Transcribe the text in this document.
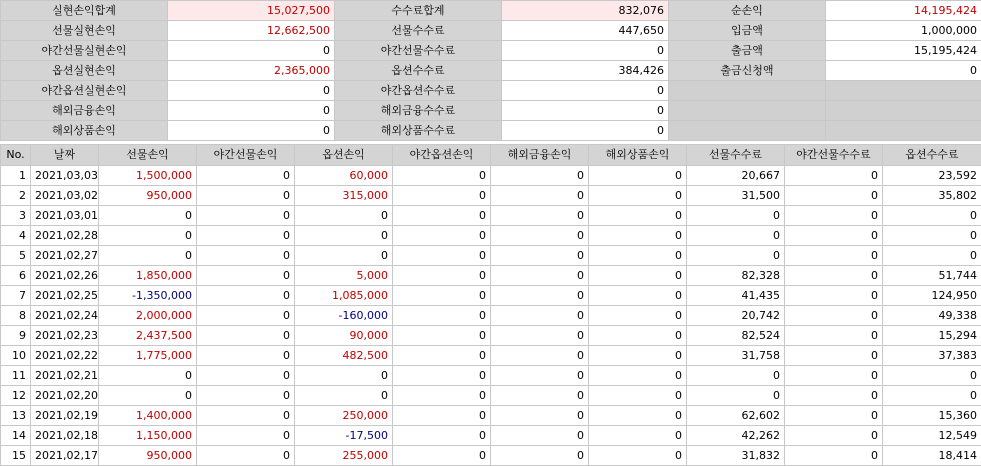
실현손익합계	15,027,500	수수료합계	832,076	순손익	14,195,424
선물실현손익	12,662,500	선물수수료	447,650	입금액	1,000,000
야간선물실현손익	0	야간선물수수료	0	출금액	15,195,424
옵션실현손익	2,365,000	옵션수수료	384,426	출금신청액	0
야간옵션실현손익	0	야간옵션수수료	0		
해외금융손익	0	해외금융수수료	0		
해외상품손익	0	해외상품수수료	0		
No.	날짜	선물손익	야간선물손익	옵션손익	야간옵션손익	해외금융손익	해외상품손익	선물수수료	야간선물수수료	옵션수수료
1	2021,03,03	1,500,000	0	60,000	0	0	0	20,667	0	23,592
2	2021,03,02	950,000	0	315,000	0	0	0	31,500	0	35,802
3	2021,03,01	0	0	0	0	0	0	0	0	0
4	2021,02,28	0	0	0	0	0	0	0	0	0
5	2021,02,27	0	0	0	0	0	0	0	0	0
6	2021,02,26	1,850,000	0	5,000	0	0	0	82,328	0	51,744
7	2021,02,25	-1,350,000	0	1,085,000	0	0	0	41,435	0	124,950
8	2021,02,24	2,000,000	0	-160,000	0	0	0	20,742	0	49,338
9	2021,02,23	2,437,500	0	90,000	0	0	0	82,524	0	15,294
10	2021,02,22	1,775,000	0	482,500	0	0	0	31,758	0	37,383
11	2021,02,21	0	0	0	0	0	0	0	0	0
12	2021,02,20	0	0	0	0	0	0	0	0	0
13	2021,02,19	1,400,000	0	250,000	0	0	0	62,602	0	15,360
14	2021,02,18	1,150,000	0	-17,500	0	0	0	42,262	0	12,549
15	2021,02,17	950,000	0	255,000	0	0	0	31,832	0	18,414
